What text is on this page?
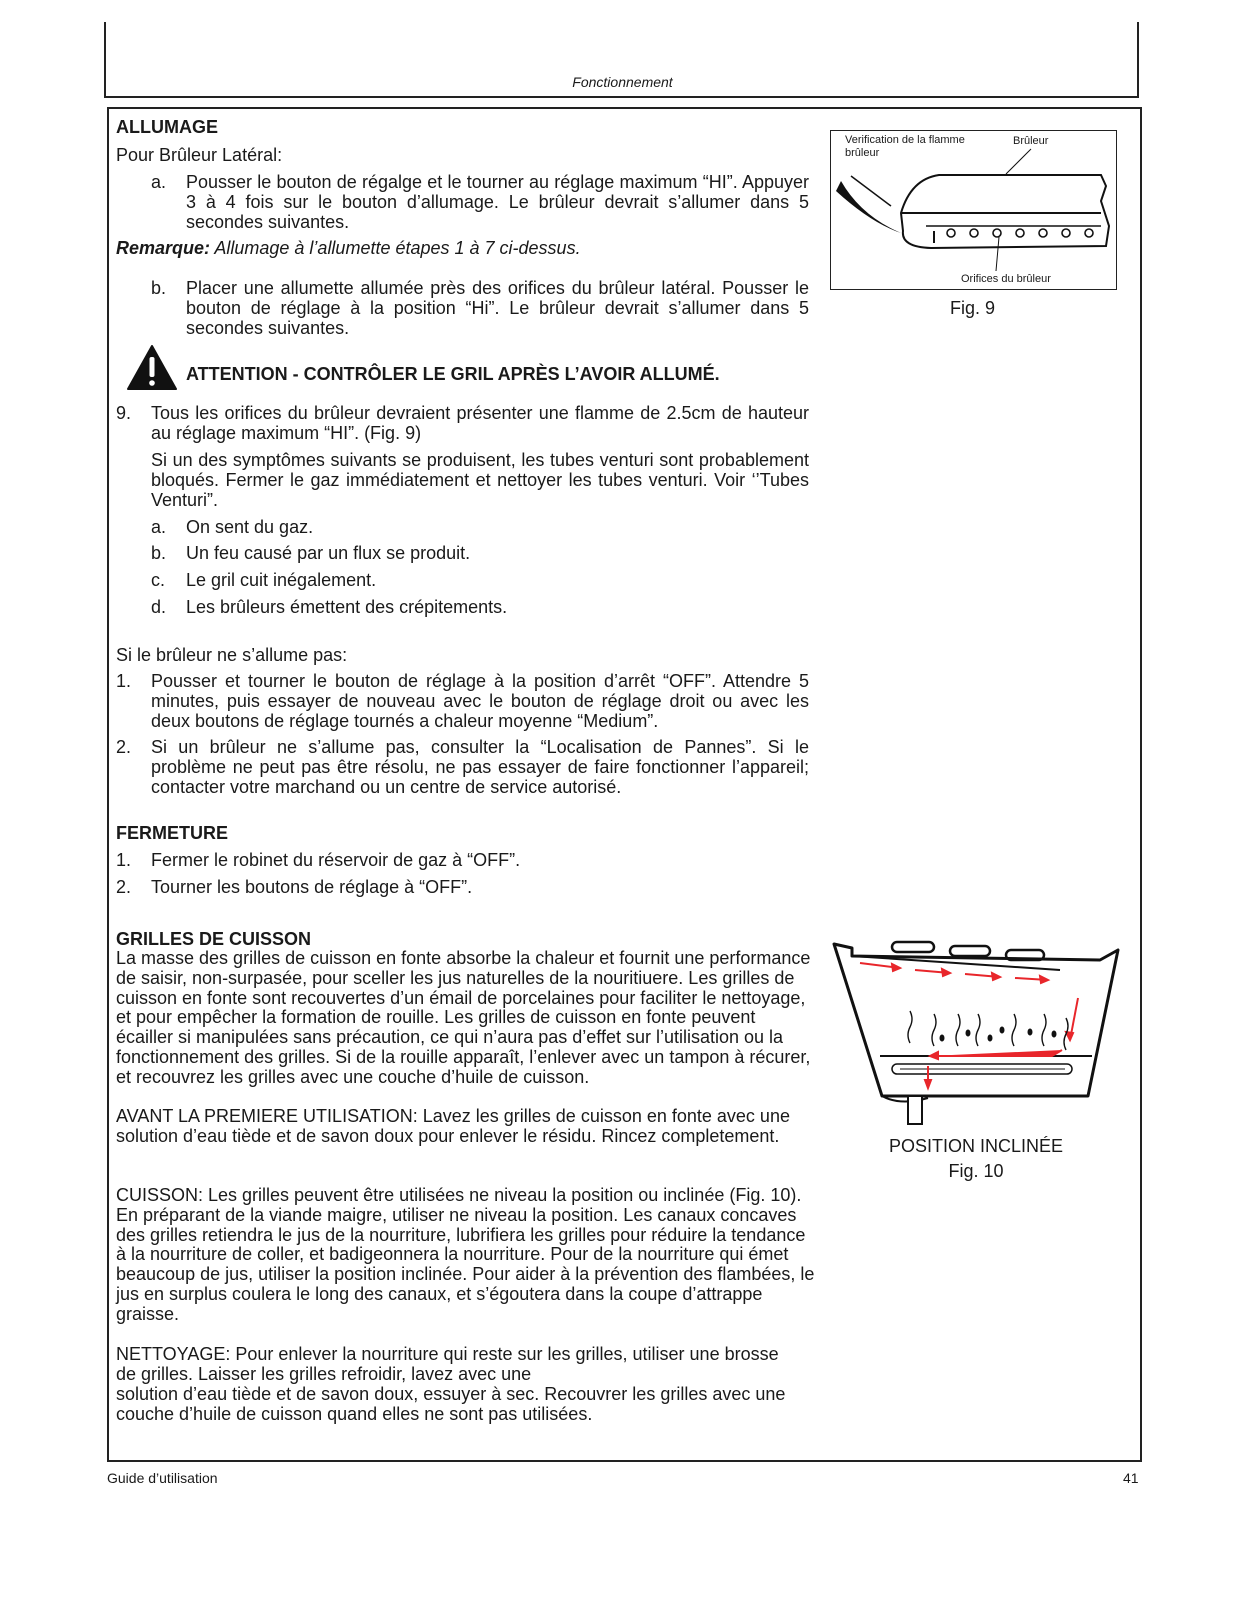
Fonctionnement
ALLUMAGE
Pour Brûleur Latéral:
a. Pousser le bouton de régalge et le tourner au réglage maximum “HI”. Appuyer 3 à 4 fois sur le bouton d’allumage. Le brûleur devrait s’allumer dans 5 secondes suivantes.
Remarque: Allumage à l’allumette étapes 1 à 7 ci-dessus.
b. Placer une allumette allumée près des orifices du brûleur latéral. Pousser le bouton de réglage à la position “Hi”. Le brûleur devrait s’allumer dans 5 secondes suivantes.
ATTENTION - CONTRÔLER LE GRIL APRÈS L’AVOIR ALLUMÉ.
9. Tous les orifices du brûleur devraient présenter une flamme de 2.5cm de hauteur au réglage maximum “HI”. (Fig. 9)
Si un des symptômes suivants se produisent, les tubes venturi sont probablement bloqués. Fermer le gaz immédiatement et nettoyer les tubes venturi. Voir ‘’Tubes Venturi”.
a. On sent du gaz.
b. Un feu causé par un flux se produit.
c. Le gril cuit inégalement.
d. Les brûleurs émettent des crépitements.
Si le brûleur ne s’allume pas:
1. Pousser et tourner le bouton de réglage à la position d’arrêt “OFF”. Attendre 5 minutes, puis essayer de nouveau avec le bouton de réglage droit ou avec les deux boutons de réglage tournés a chaleur moyenne “Medium”.
2. Si un brûleur ne s’allume pas, consulter la “Localisation de Pannes”. Si le problème ne peut pas être résolu, ne pas essayer de faire fonctionner l’appareil; contacter votre marchand ou un centre de service autorisé.
FERMETURE
1. Fermer le robinet du réservoir de gaz à “OFF”.
2. Tourner les boutons de réglage à “OFF”.
GRILLES DE CUISSON
La masse des grilles de cuisson en fonte absorbe la chaleur et fournit une performance de saisir, non-surpasée, pour sceller les jus naturelles de la nouritiuere. Les grilles de cuisson en fonte sont recouvertes d’un émail de porcelaines pour faciliter le nettoyage, et pour empêcher la formation de rouille. Les grilles de cuisson en fonte peuvent écailler si manipulées sans précaution, ce qui n’aura pas d’effet sur l’utilisation ou la fonctionnement des grilles. Si de la rouille apparaît, l’enlever avec un tampon à récurer, et recouvrez les grilles avec une couche d’huile de cuisson.
AVANT LA PREMIERE UTILISATION: Lavez les grilles de cuisson en fonte avec une solution d’eau tiède et de savon doux pour enlever le résidu. Rincez completement.
CUISSON: Les grilles peuvent être utilisées ne niveau la position ou inclinée (Fig. 10). En préparant de la viande maigre, utiliser ne niveau la position. Les canaux concaves des grilles retiendra le jus de la nourriture, lubrifiera les grilles pour réduire la tendance à la nourriture de coller, et badigeonnera la nourriture. Pour de la nourriture qui émet beaucoup de jus, utiliser la position inclinée. Pour aider à la prévention des flambées, le jus en surplus coulera le long des canaux, et s’égoutera dans la coupe d’attrappe graisse.
NETTOYAGE: Pour enlever la nourriture qui reste sur les grilles, utiliser une brosse de grilles. Laisser les grilles refroidir, lavez avec une
solution d’eau tiède et de savon doux, essuyer à sec. Recouvrer les grilles avec une couche d’huile de cuisson quand elles ne sont pas utilisées.
Verification de la flamme brûleur
Brûleur
Orifices du brûleur
Fig. 9
POSITION INCLINÉE
Fig. 10
Guide d’utilisation	41
